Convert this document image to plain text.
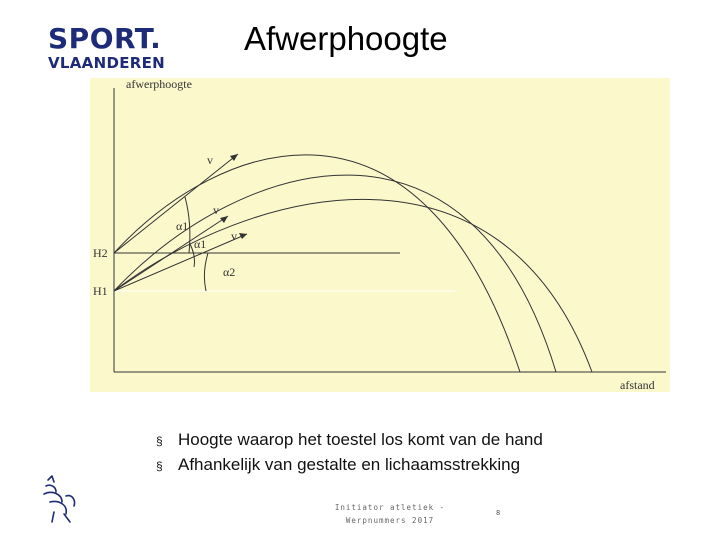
SPORT.
VLAANDEREN
Afwerphoogte
afwerphoogte
afstand
H2
H1
v
v
v
α1
α1
α2
§ Hoogte waarop het toestel los komt van de hand
§ Afhankelijk van gestalte en lichaamsstrekking
Initiator atletiek -
Werpnummers 2017
8
